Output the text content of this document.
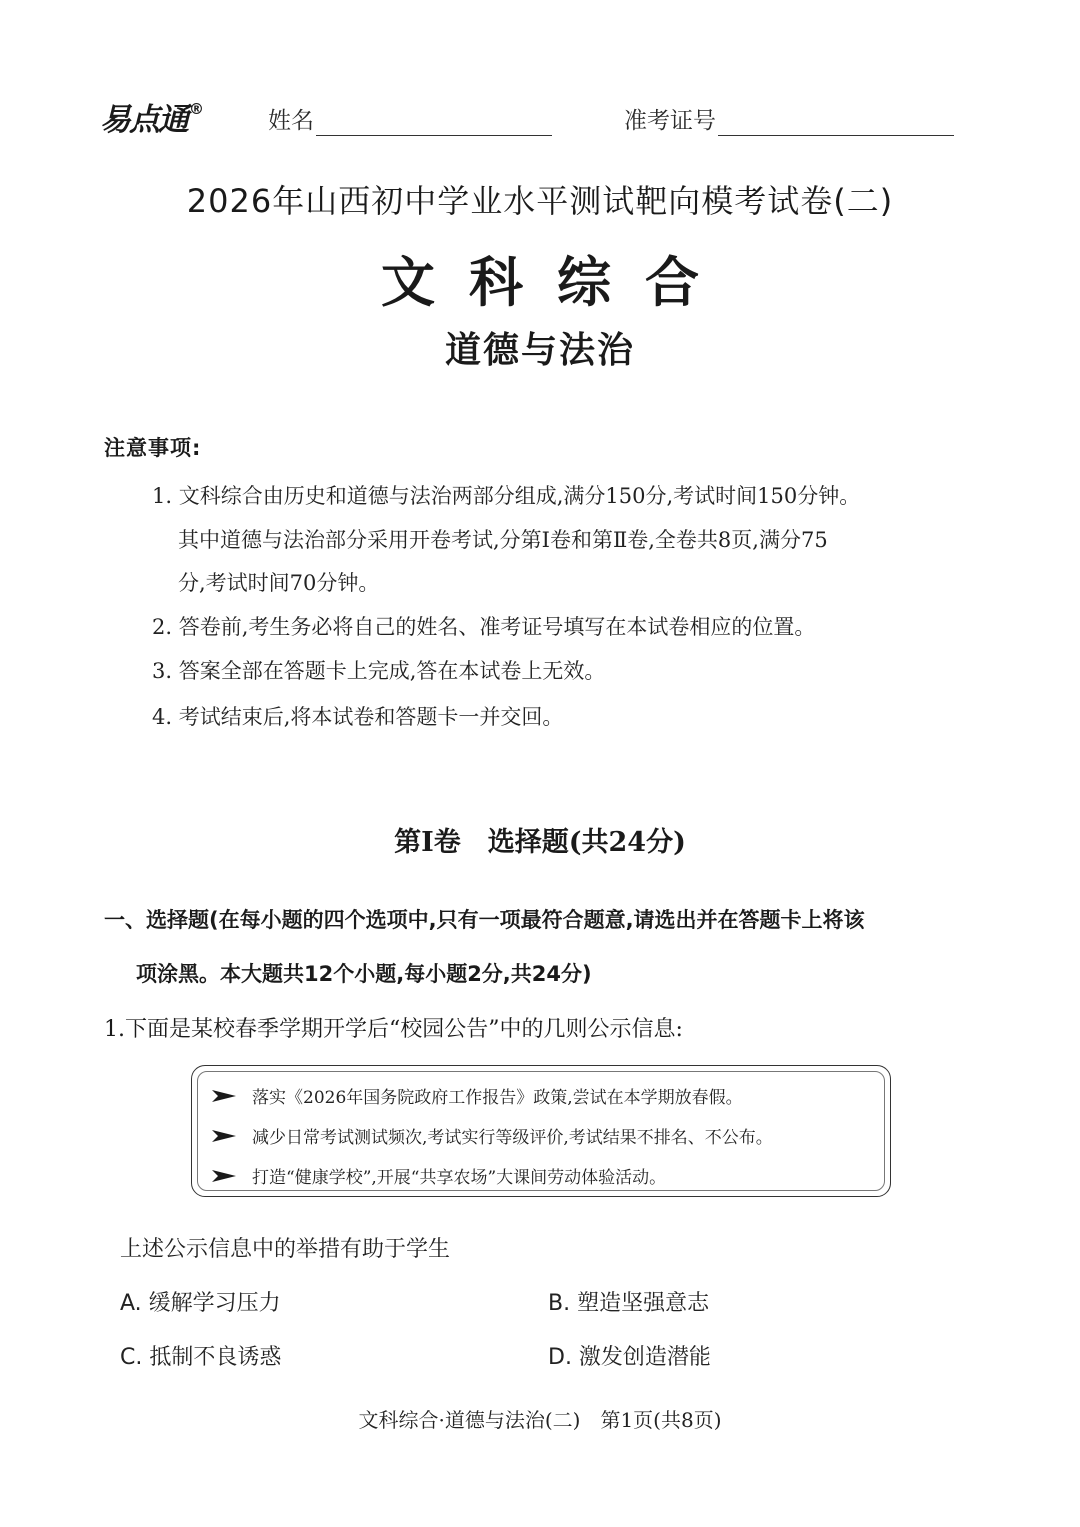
易点通 ®	姓名	准考证号
2026年山西初中学业水平测试靶向模考试卷(二)
文科综合
道德与法治
注意事项:
1. 文科综合由历史和道德与法治两部分组成,满分150分,考试时间150分钟。
其中道德与法治部分采用开卷考试,分第Ⅰ卷和第Ⅱ卷,全卷共8页,满分75
分,考试时间70分钟。
2. 答卷前,考生务必将自己的姓名、准考证号填写在本试卷相应的位置。
3. 答案全部在答题卡上完成,答在本试卷上无效。
4. 考试结束后,将本试卷和答题卡一并交回。
第Ⅰ卷　选择题(共24分)
一、选择题(在每小题的四个选项中,只有一项最符合题意,请选出并在答题卡上将该
项涂黑。本大题共12个小题,每小题2分,共24分)
1.下面是某校春季学期开学后“校园公告”中的几则公示信息:
落实《2026年国务院政府工作报告》政策,尝试在本学期放春假。
减少日常考试测试频次,考试实行等级评价,考试结果不排名、不公布。
打造“健康学校”,开展“共享农场”大课间劳动体验活动。
上述公示信息中的举措有助于学生
A. 缓解学习压力	B. 塑造坚强意志
C. 抵制不良诱惑	D. 激发创造潜能
文科综合·道德与法治(二)　第1页(共8页)
